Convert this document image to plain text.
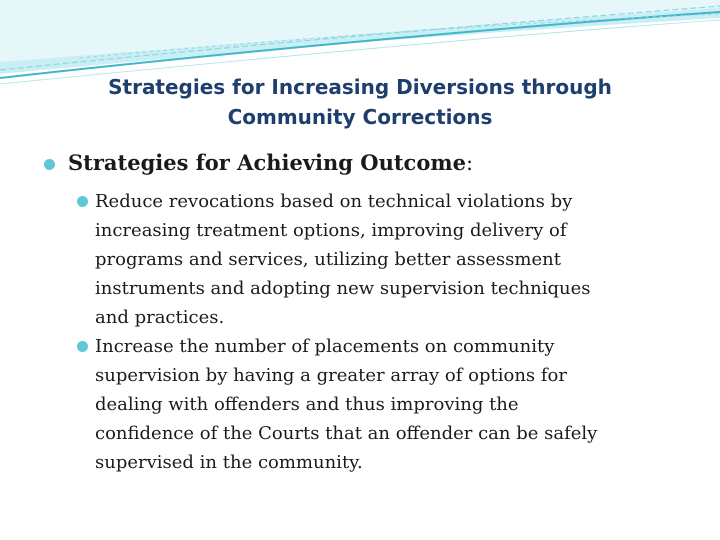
Strategies for Increasing Diversions through
Community Corrections
Strategies for Achieving Outcome:
Reduce revocations based on technical violations by
increasing treatment options, improving delivery of
programs and services, utilizing better assessment
instruments and adopting new supervision techniques
and practices.
Increase the number of placements on community
supervision by having a greater array of options for
dealing with offenders and thus improving the
confidence of the Courts that an offender can be safely
supervised in the community.
